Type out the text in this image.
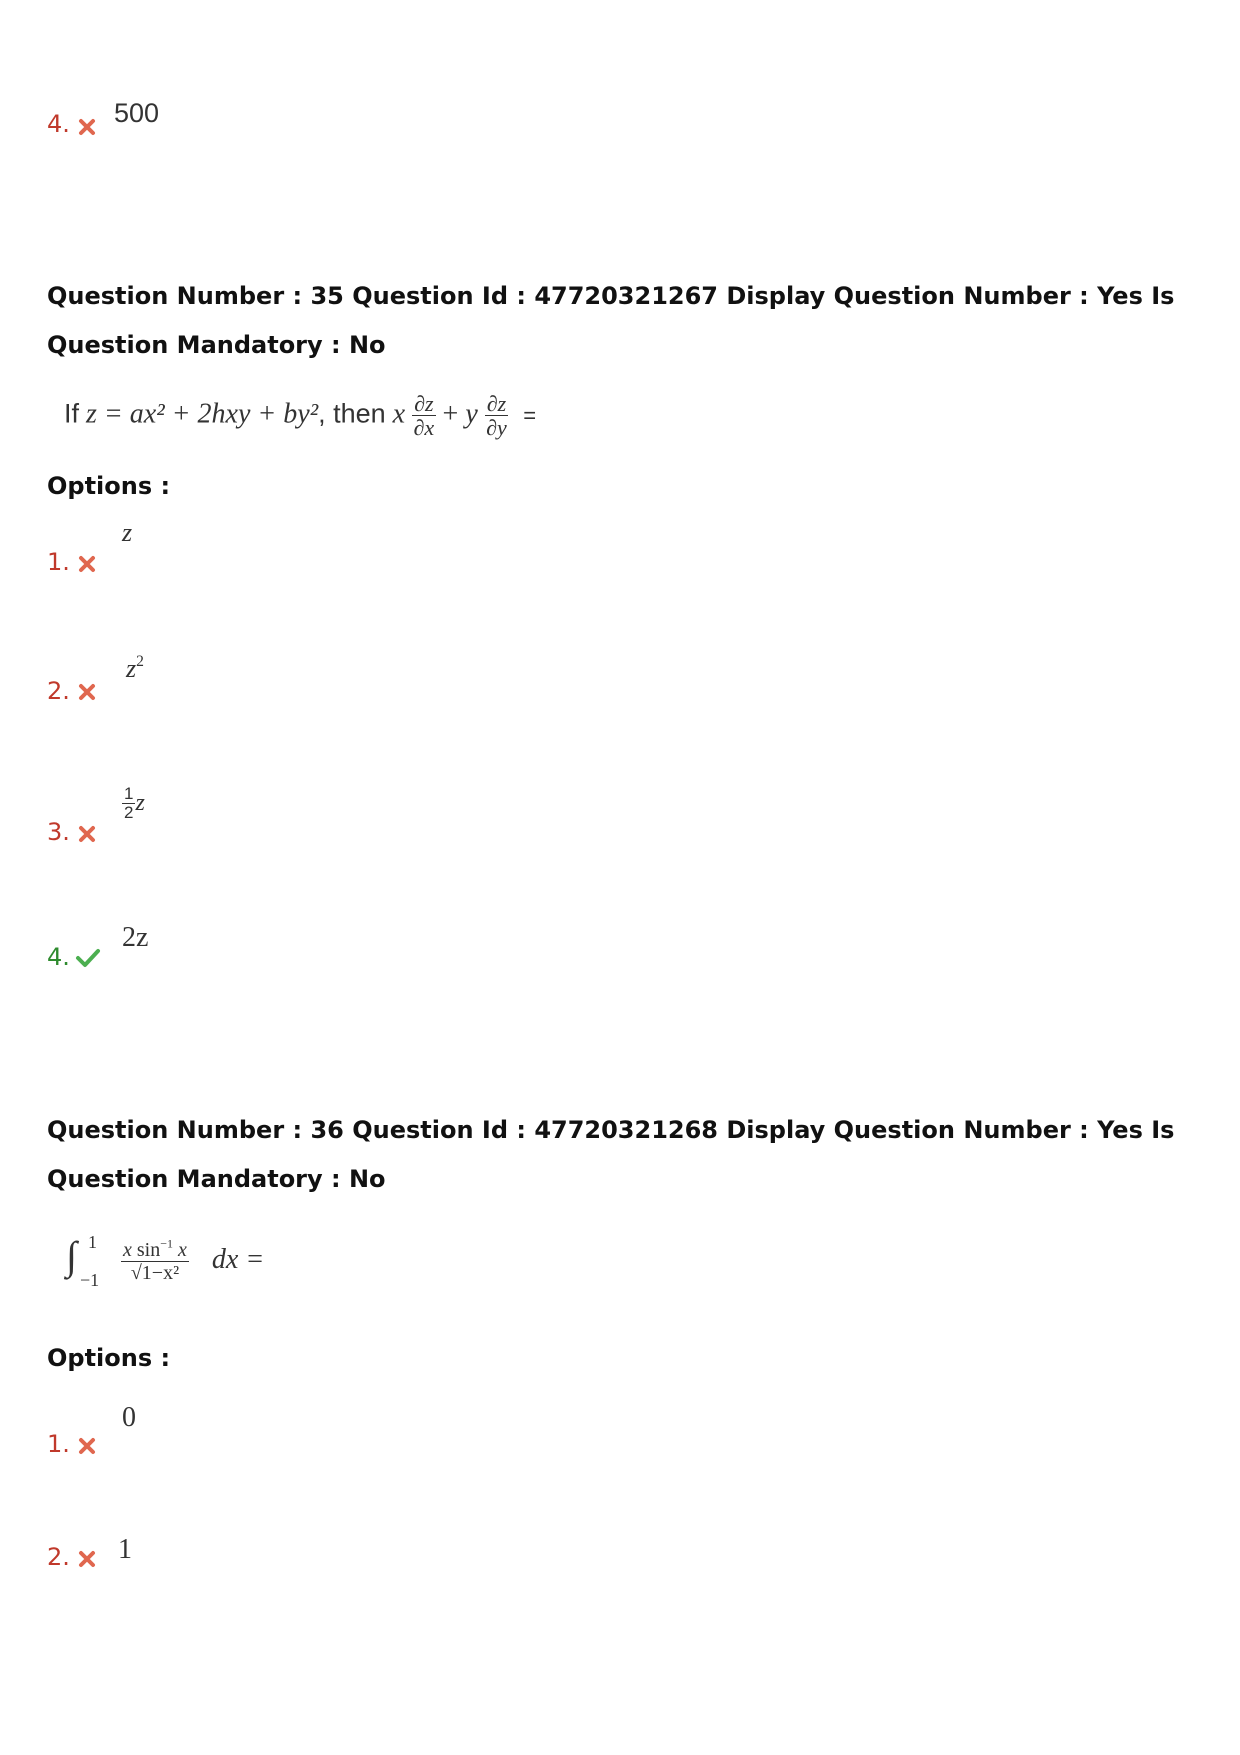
4. 500
Question Number : 35 Question Id : 47720321267 Display Question Number : Yes Is Question Mandatory : No
If z = ax² + 2hxy + by², then x $\frac{\partial z}{\partial x} + y \frac{\partial z}{\partial y}$ =
Options :
1.
z
2.
$z^2$
3.
$\frac{1}{2}$ z
4.
2z
Question Number : 36 Question Id : 47720321268 Display Question Number : Yes Is Question Mandatory : No
∫ 1
−1
$\frac{x \sin^{-1} x}{\text{√1−x²}}$ dx =
Options :
1.
0
2. 1
